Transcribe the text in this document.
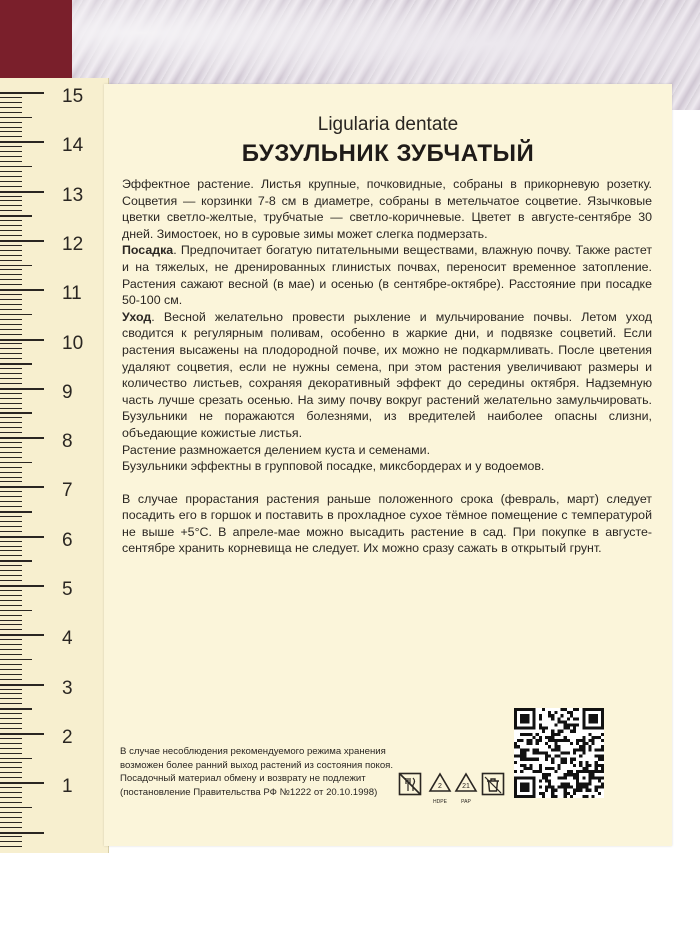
15
14
13
12
11
10
9
8
7
6
5
4
3
2
1
Ligularia dentate
БУЗУЛЬНИК ЗУБЧАТЫЙ

Эффектное растение. Листья крупные, почковидные, собраны в прикорневую розетку. Соцветия — корзинки 7-8 см в диаметре, собраны в метельчатое соцветие. Язычковые цветки светло-желтые, трубчатые — светло-коричневые. Цветет в августе-сентябре 30 дней. Зимостоек, но в суровые зимы может слегка подмерзать.

Посадка. Предпочитает богатую питательными веществами, влажную почву. Также растет и на тяжелых, не дренированных глинистых почвах, переносит временное затопление. Растения сажают весной (в мае) и осенью (в сентябре-октябре). Расстояние при посадке 50-100 см.

Уход. Весной желательно провести рыхление и мульчирование почвы. Летом уход сводится к регулярным поливам, особенно в жаркие дни, и подвязке соцветий. Если растения высажены на плодородной почве, их можно не подкармливать. После цветения удаляют соцветия, если не нужны семена, при этом растения увеличивают размеры и количество листьев, сохраняя декоративный эффект до середины октября. Надземную часть лучше срезать осенью. На зиму почву вокруг растений желательно замульчировать. Бузульники не поражаются болезнями, из вредителей наиболее опасны слизни, объедающие кожистые листья.

Растение размножается делением куста и семенами.

Бузульники эффектны в групповой посадке, миксбордерах и у водоемов.

В случае прорастания растения раньше положенного срока (февраль, март) следует посадить его в горшок и поставить в прохладное сухое тёмное помещение с температурой не выше +5°С. В апреле-мае можно высадить растение в сад. При покупке в августе-сентябре хранить корневища не следует. Их можно сразу сажать в открытый грунт.

В случае несоблюдения рекомендуемого режима хранения
возможен более ранний выход растений из состояния покоя.
Посадочный материал обмену и возврату не подлежит
(постановление Правительства РФ №1222 от 20.10.1998)
2
HDPE
21
PAP
